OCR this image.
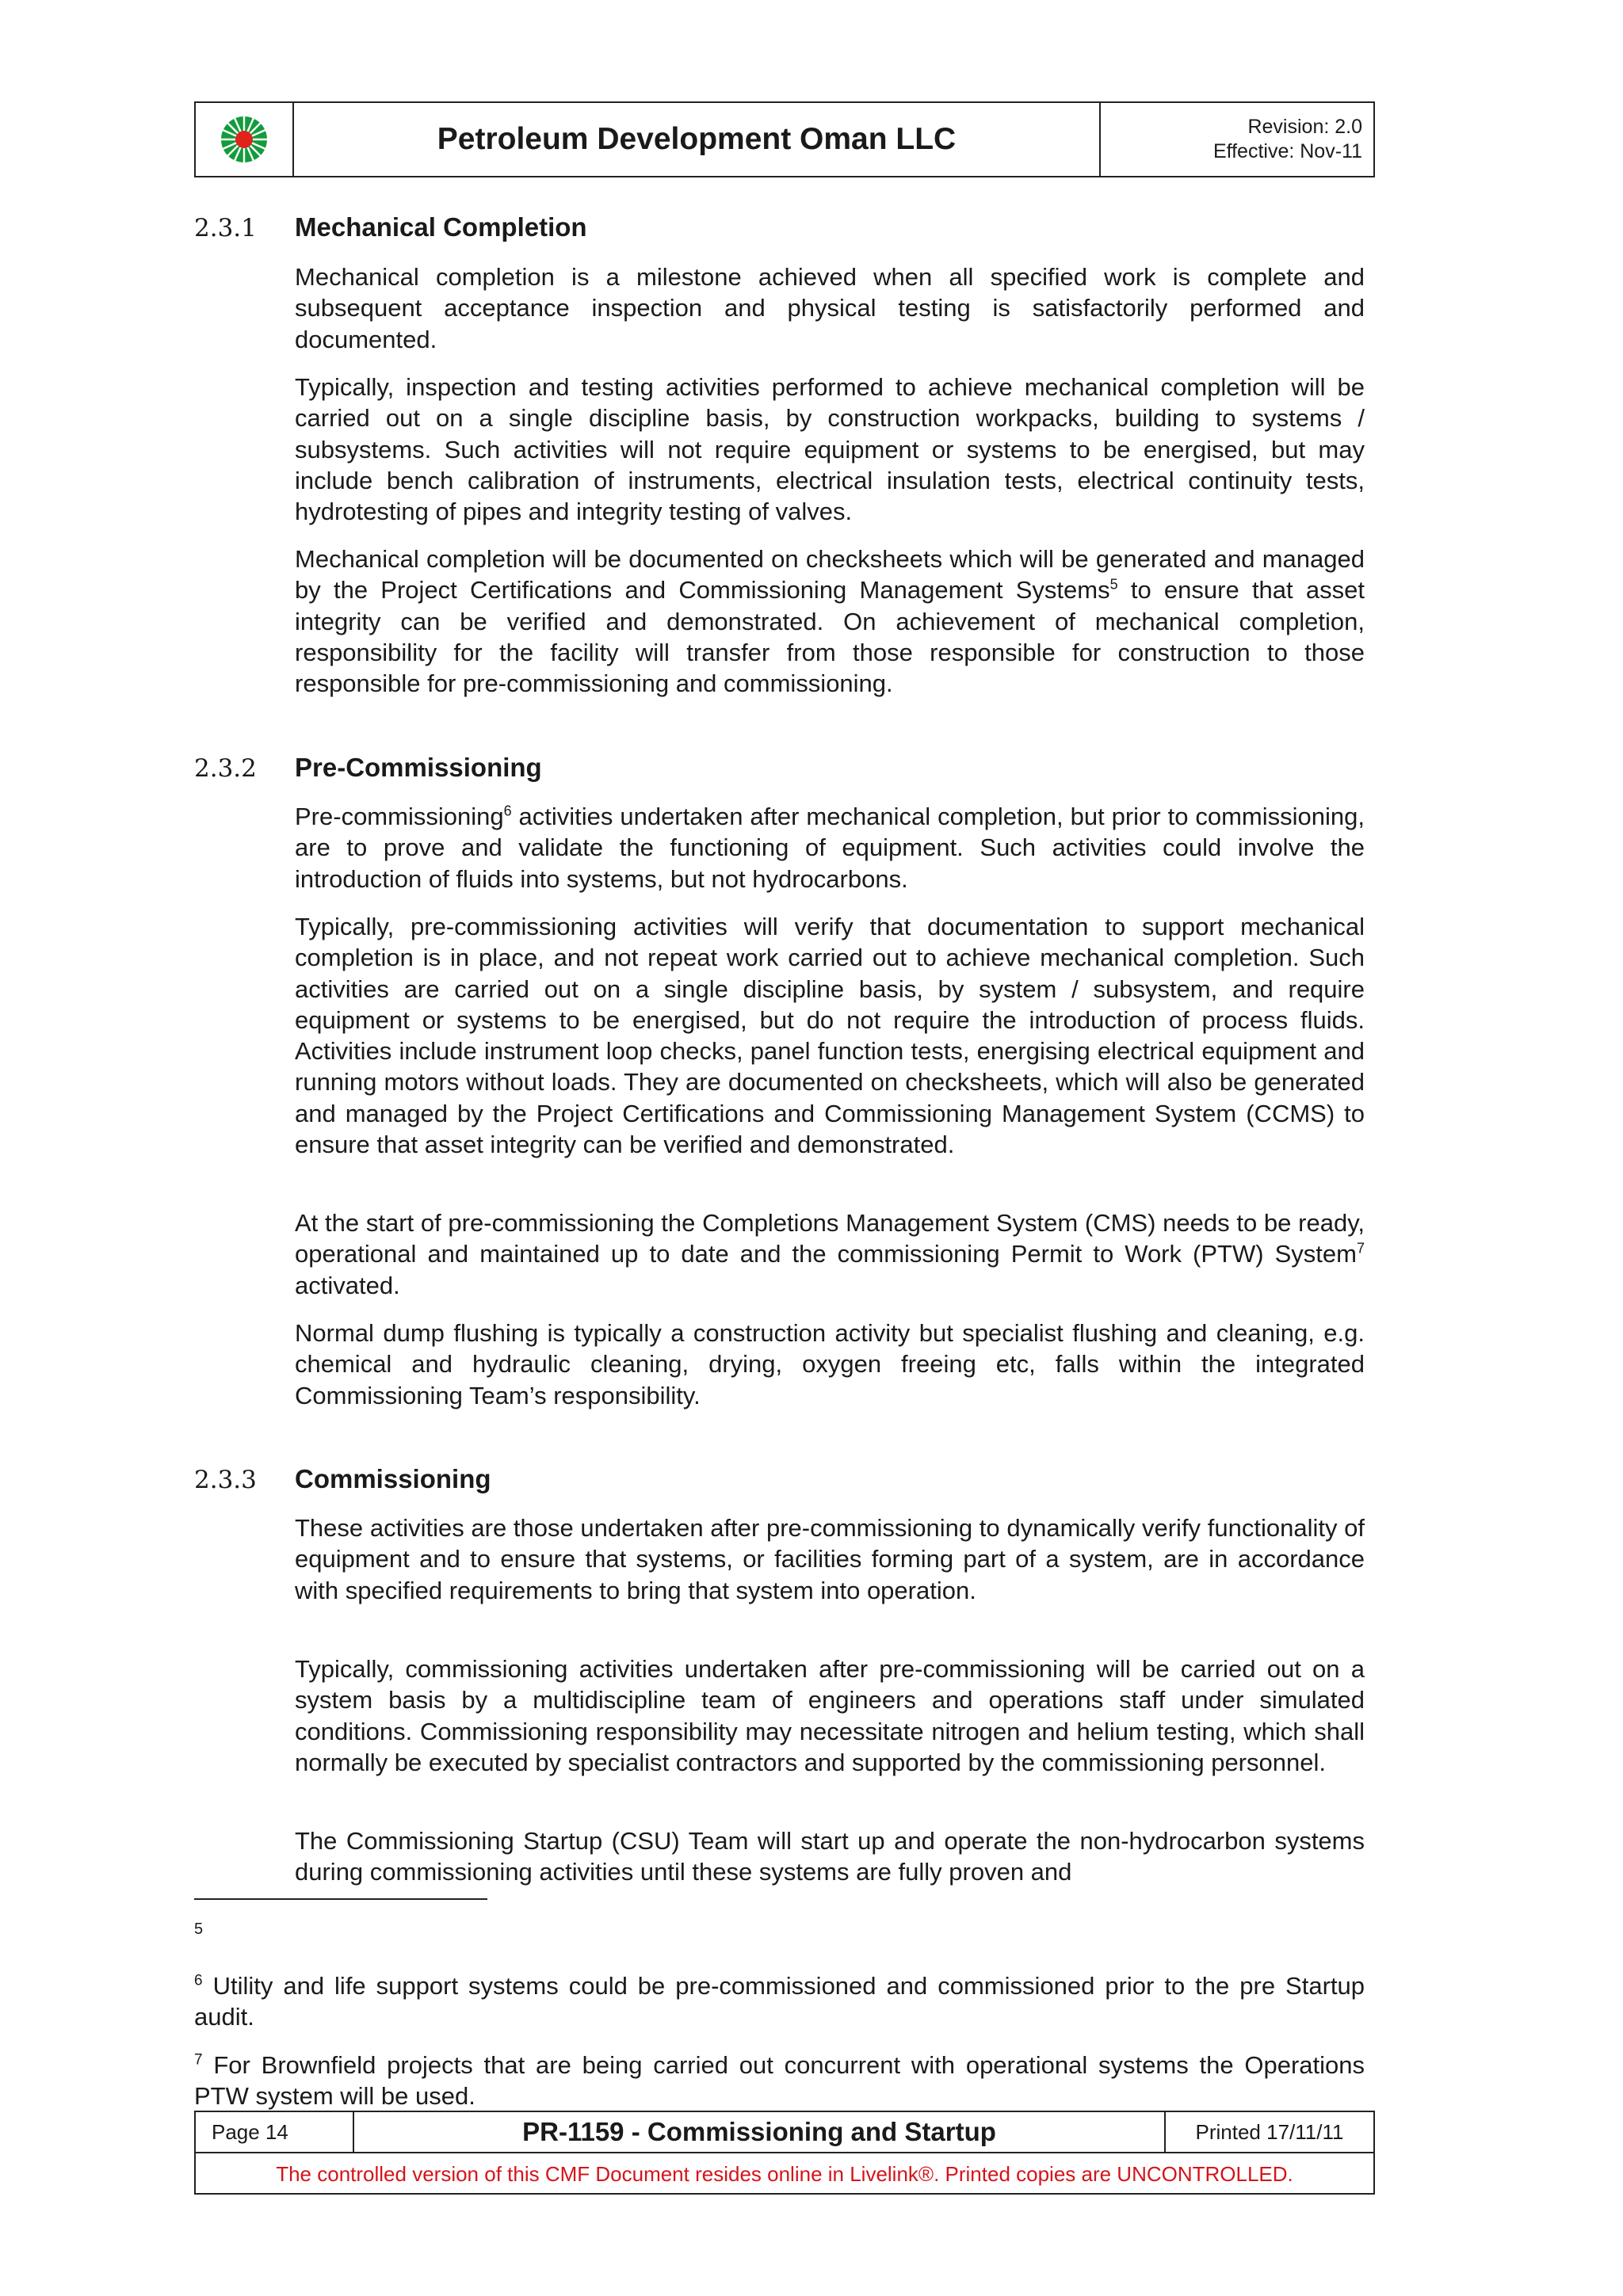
Petroleum Development Oman LLC	Revision: 2.0
Effective: Nov-11
2.3.1 Mechanical Completion

Mechanical completion is a milestone achieved when all specified work is complete and subsequent acceptance inspection and physical testing is satisfactorily performed and documented.

Typically, inspection and testing activities performed to achieve mechanical completion will be carried out on a single discipline basis, by construction workpacks, building to systems / subsystems. Such activities will not require equipment or systems to be energised, but may include bench calibration of instruments, electrical insulation tests, electrical continuity tests, hydrotesting of pipes and integrity testing of valves.

Mechanical completion will be documented on checksheets which will be generated and managed by the Project Certifications and Commissioning Management Systems$^5$ to ensure that asset integrity can be verified and demonstrated. On achievement of mechanical completion, responsibility for the facility will transfer from those responsible for construction to those responsible for pre-commissioning and commissioning.

2.3.2 Pre-Commissioning

Pre-commissioning$^6$ activities undertaken after mechanical completion, but prior to commissioning, are to prove and validate the functioning of equipment. Such activities could involve the introduction of fluids into systems, but not hydrocarbons.

Typically, pre-commissioning activities will verify that documentation to support mechanical completion is in place, and not repeat work carried out to achieve mechanical completion. Such activities are carried out on a single discipline basis, by system / subsystem, and require equipment or systems to be energised, but do not require the introduction of process fluids. Activities include instrument loop checks, panel function tests, energising electrical equipment and running motors without loads. They are documented on checksheets, which will also be generated and managed by the Project Certifications and Commissioning Management System (CCMS) to ensure that asset integrity can be verified and demonstrated.

At the start of pre-commissioning the Completions Management System (CMS) needs to be ready, operational and maintained up to date and the commissioning Permit to Work (PTW) System$^7$ activated.

Normal dump flushing is typically a construction activity but specialist flushing and cleaning, e.g. chemical and hydraulic cleaning, drying, oxygen freeing etc, falls within the integrated Commissioning Team’s responsibility.

2.3.3 Commissioning

These activities are those undertaken after pre-commissioning to dynamically verify functionality of equipment and to ensure that systems, or facilities forming part of a system, are in accordance with specified requirements to bring that system into operation.

Typically, commissioning activities undertaken after pre-commissioning will be carried out on a system basis by a multidiscipline team of engineers and operations staff under simulated conditions. Commissioning responsibility may necessitate nitrogen and helium testing, which shall normally be executed by specialist contractors and supported by the commissioning personnel.

The Commissioning Startup (CSU) Team will start up and operate the non-hydrocarbon systems during commissioning activities until these systems are fully proven and

5

$^6$ Utility and life support systems could be pre-commissioned and commissioned prior to the pre Startup audit.

$^7$ For Brownfield projects that are being carried out concurrent with operational systems the Operations PTW system will be used.

Page 14	PR-1159 - Commissioning and Startup	Printed 17/11/11
The controlled version of this CMF Document resides online in Livelink®. Printed copies are UNCONTROLLED.
